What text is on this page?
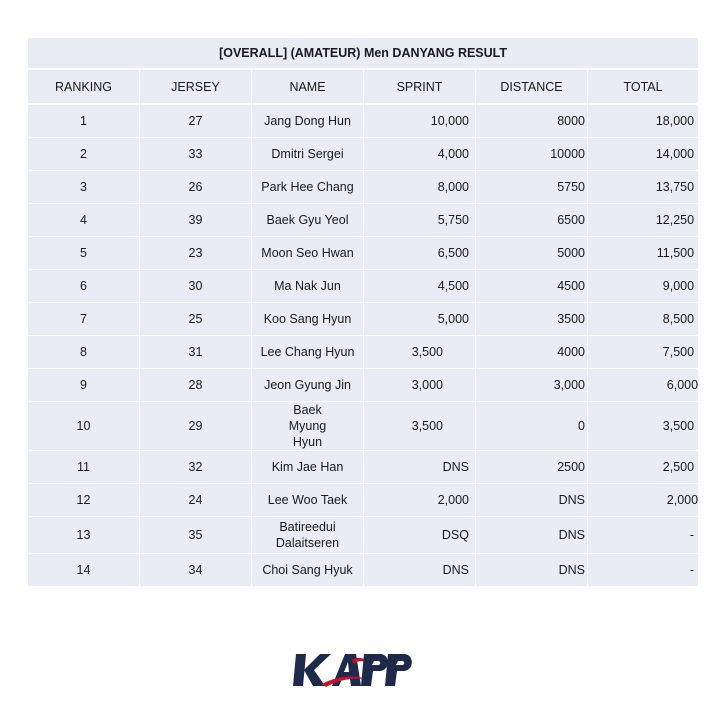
[OVERALL] (AMATEUR) Men DANYANG RESULT					
RANKING	JERSEY	NAME	SPRINT	DISTANCE	TOTAL
1	27	Jang Dong Hun	10,000	8000	18,000
2	33	Dmitri Sergei	4,000	10000	14,000
3	26	Park Hee Chang	8,000	5750	13,750
4	39	Baek Gyu Yeol	5,750	6500	12,250
5	23	Moon Seo Hwan	6,500	5000	11,500
6	30	Ma Nak Jun	4,500	4500	9,000
7	25	Koo Sang Hyun	5,000	3500	8,500
8	31	Lee Chang Hyun	3,500	4000	7,500
9	28	Jeon Gyung Jin	3,000	3,000	6,000
10	29	Baek Myung Hyun	3,500	0	3,500
11	32	Kim Jae Han	DNS	2500	2,500
12	24	Lee Woo Taek	2,000	DNS	2,000
13	35	Batireedui Dalaitseren	DSQ	DNS	-
14	34	Choi Sang Hyuk	DNS	DNS	-
